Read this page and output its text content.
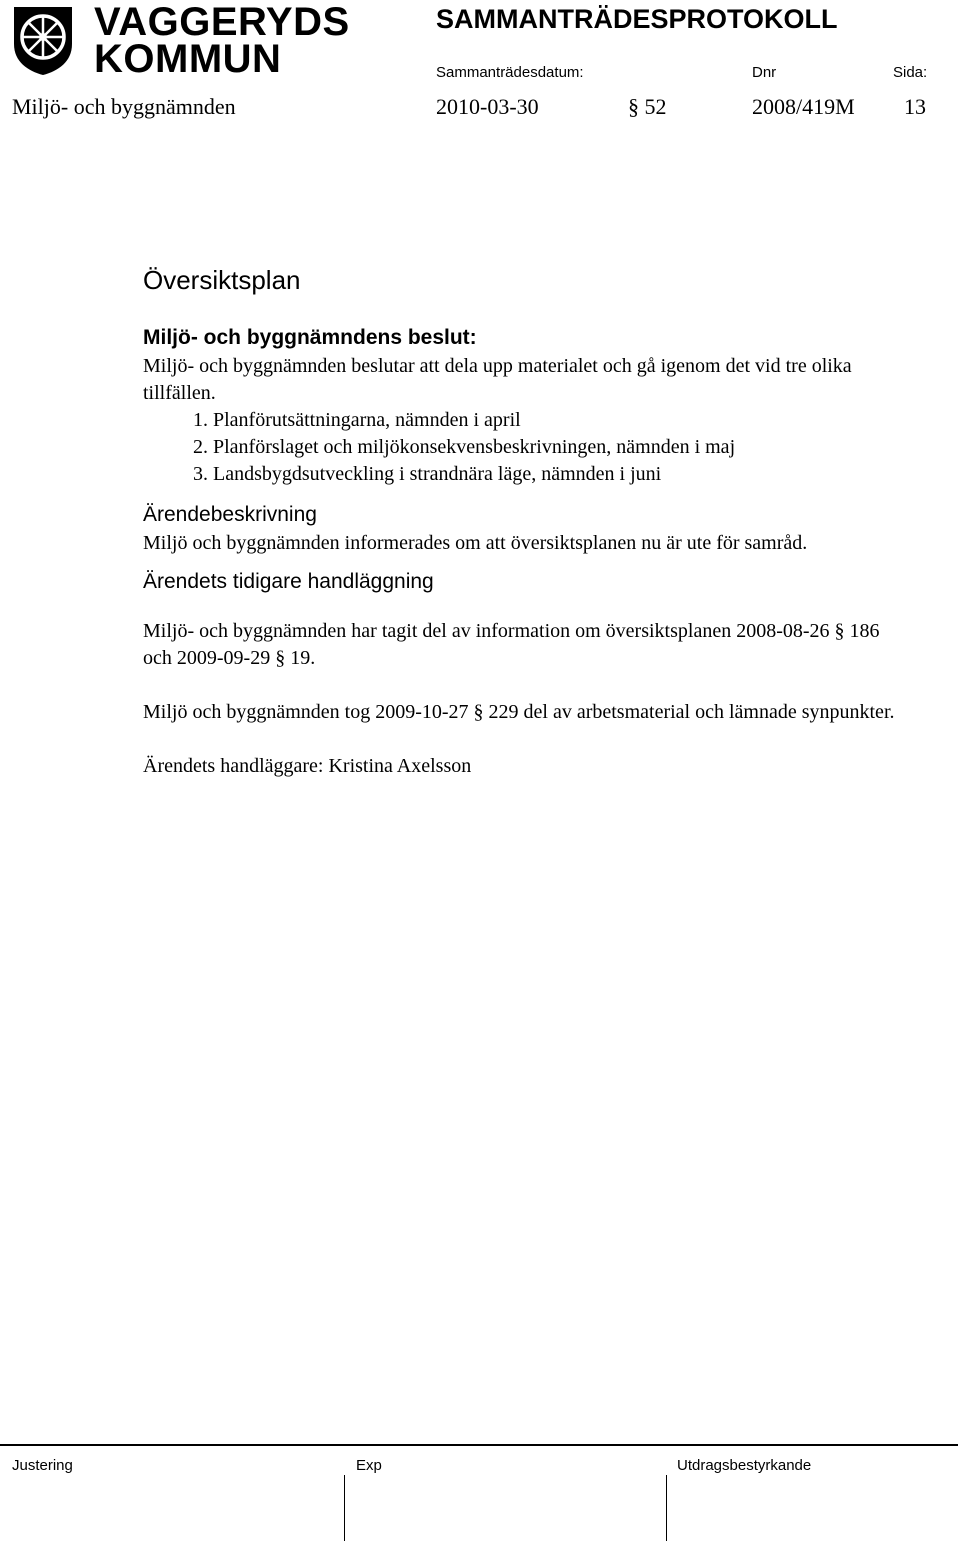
VAGGERYDS
KOMMUN
SAMMANTRÄDESPROTOKOLL
Sammanträdesdatum:	Dnr	Sida:
Miljö- och byggnämnden	2010-03-30	§ 52	2008/419M 13
Översiktsplan
Miljö- och byggnämndens beslut:

Miljö- och byggnämnden beslutar att dela upp materialet och gå igenom det vid tre olika tillfällen.

1. Planförutsättningarna, nämnden i april
2. Planförslaget och miljökonsekvensbeskrivningen, nämnden i maj
3. Landsbygdsutveckling i strandnära läge, nämnden i juni
Ärendebeskrivning

Miljö och byggnämnden informerades om att översiktsplanen nu är ute för samråd.

Ärendets tidigare handläggning

Miljö- och byggnämnden har tagit del av information om översiktsplanen 2008-08-26 § 186 och 2009-09-29 § 19.

Miljö och byggnämnden tog 2009-10-27 § 229 del av arbetsmaterial och lämnade synpunkter.

Ärendets handläggare: Kristina Axelsson

Justering	Exp	Utdragsbestyrkande
